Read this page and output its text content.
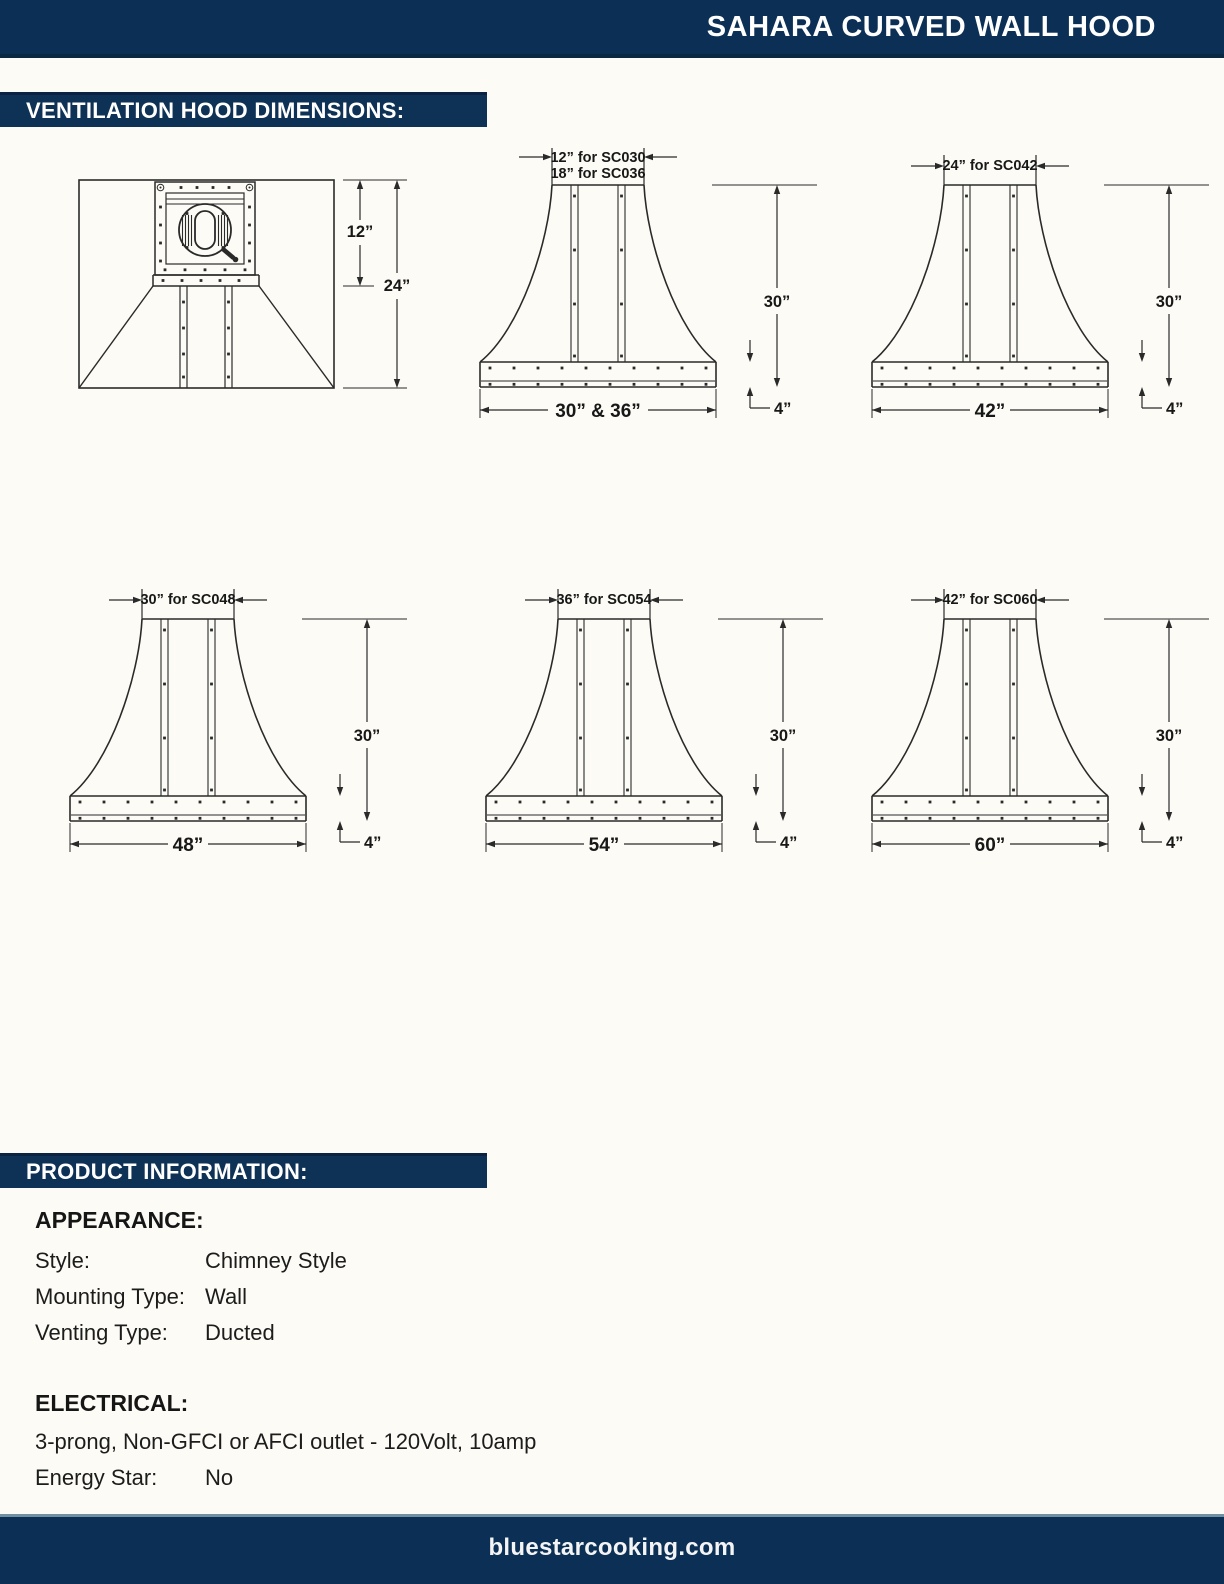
SAHARA CURVED WALL HOOD
VENTILATION HOOD DIMENSIONS:
12”
24”
12” for SC030
18” for SC036
30”
4”
30” & 36”
24” for SC042
30”
4”
42”
30” for SC048
30”
4”
48”
36” for SC054
30”
4”
54”
42” for SC060
30”
4”
60”
PRODUCT INFORMATION:
APPEARANCE:
Style:	Chimney Style
Mounting Type: Wall
Venting Type:	Ducted
ELECTRICAL:
3-prong, Non-GFCI or AFCI outlet - 120Volt, 10amp
Energy Star:	No
bluestarcooking.com
